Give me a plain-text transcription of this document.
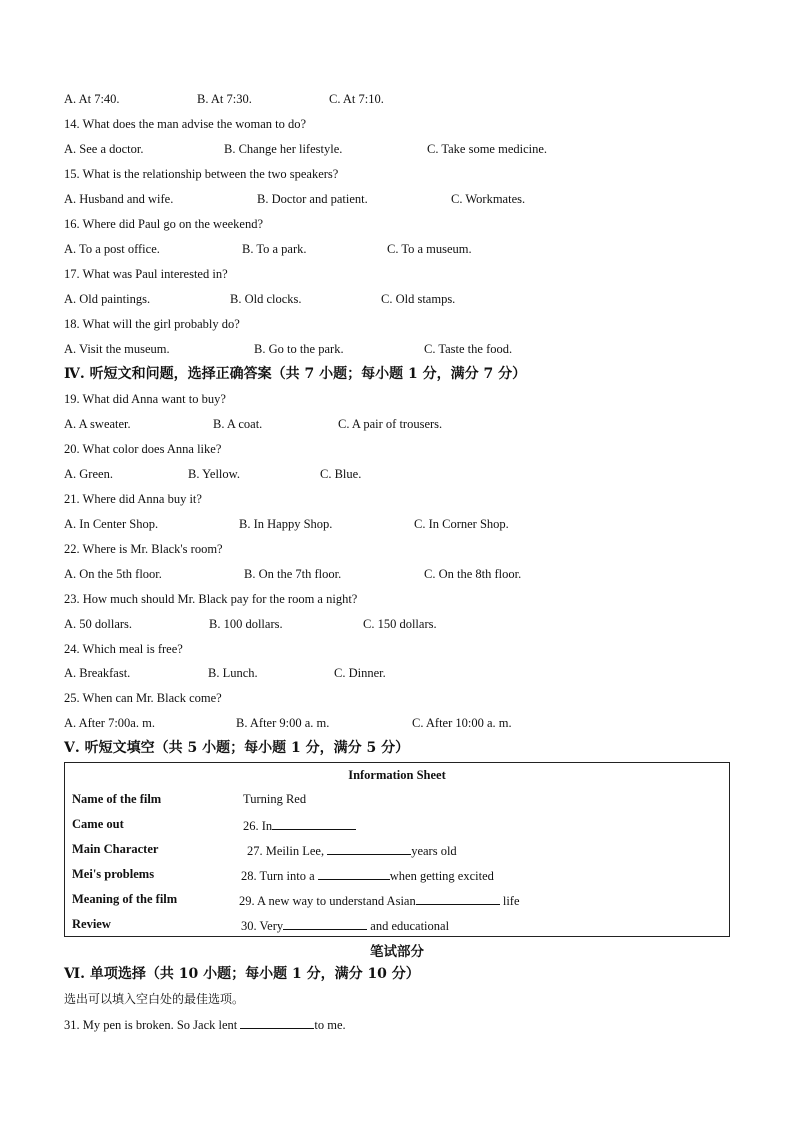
A. At 7:40.	B. At 7:30.	C. At 7:10.
14. What does the man advise the woman to do?
A. See a doctor.	B. Change her lifestyle.	C. Take some medicine.
15. What is the relationship between the two speakers?
A. Husband and wife.	B. Doctor and patient.	C. Workmates.
16. Where did Paul go on the weekend?
A. To a post office.	B. To a park.	C. To a museum.
17. What was Paul interested in?
A. Old paintings.	B. Old clocks.	C. Old stamps.
18. What will the girl probably do?
A. Visit the museum.	B. Go to the park.	C. Taste the food.
Ⅳ. 听短文和问题，选择正确答案（共 7 小题；每小题 1 分，满分 7 分）
19. What did Anna want to buy?
A. A sweater.	B. A coat.	C. A pair of trousers.
20. What color does Anna like?
A. Green.	B. Yellow.	C. Blue.
21. Where did Anna buy it?
A. In Center Shop.	B. In Happy Shop.	C. In Corner Shop.
22. Where is Mr. Black's room?
A. On the 5th floor.	B. On the 7th floor.	C. On the 8th floor.
23. How much should Mr. Black pay for the room a night?
A. 50 dollars.	B. 100 dollars.	C. 150 dollars.
24. Which meal is free?
A. Breakfast.	B. Lunch.	C. Dinner.
25. When can Mr. Black come?
A. After 7:00a. m.	B. After 9:00 a. m.	C. After 10:00 a. m.
Ⅴ. 听短文填空（共 5 小题；每小题 1 分，满分 5 分）
Information Sheet
Name of the film	Turning Red
Came out	26. In
Main Character	27. Meilin Lee,	years old
Mei's problems	28. Turn into a	when getting excited
Meaning of the film	29. A new way to understand Asian	life
Review	30. Very	and educational
笔试部分
Ⅵ. 单项选择（共 10 小题；每小题 1 分，满分 10 分）
选出可以填入空白处的最佳选项。
31. My pen is broken. So Jack lent	to me.
